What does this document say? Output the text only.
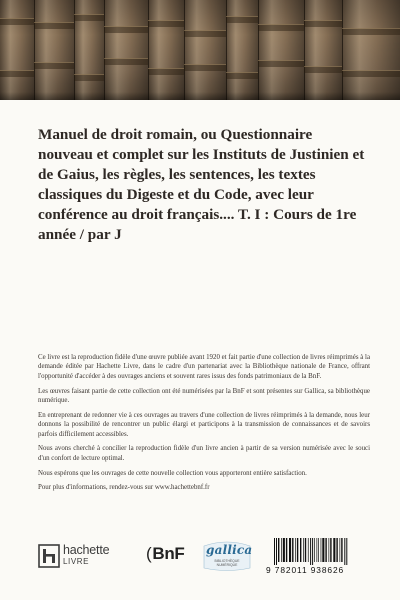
Manuel de droit romain, ou Questionnaire nouveau et complet sur les Instituts de Justinien et de Gaius, les règles, les sentences, les textes classiques du Digeste et du Code, avec leur conférence au droit français.... T. I : Cours de 1re année / par J

Ce livre est la reproduction fidèle d'une œuvre publiée avant 1920 et fait partie d'une collection de livres réimprimés à la demande éditée par Hachette Livre, dans le cadre d'un partenariat avec la Bibliothèque nationale de France, offrant l'opportunité d'accéder à des ouvrages anciens et souvent rares issus des fonds patrimoniaux de la BnF.

Les œuvres faisant partie de cette collection ont été numérisées par la BnF et sont présentes sur Gallica, sa bibliothèque numérique.

En entreprenant de redonner vie à ces ouvrages au travers d'une collection de livres réimprimés à la demande, nous leur donnons la possibilité de rencontrer un public élargi et participons à la transmission de connaissances et de savoirs parfois difficilement accessibles.

Nous avons cherché à concilier la reproduction fidèle d'un livre ancien à partir de sa version numérisée avec le souci d'un confort de lecture optimal.

Nous espérons que les ouvrages de cette nouvelle collection vous apporteront entière satisfaction.

Pour plus d'informations, rendez-vous sur www.hachettebnf.fr

hachette
LIVRE	(BnF gallica
BIBLIOTHÈQUE NUMÉRIQUE	9 782011 938626
